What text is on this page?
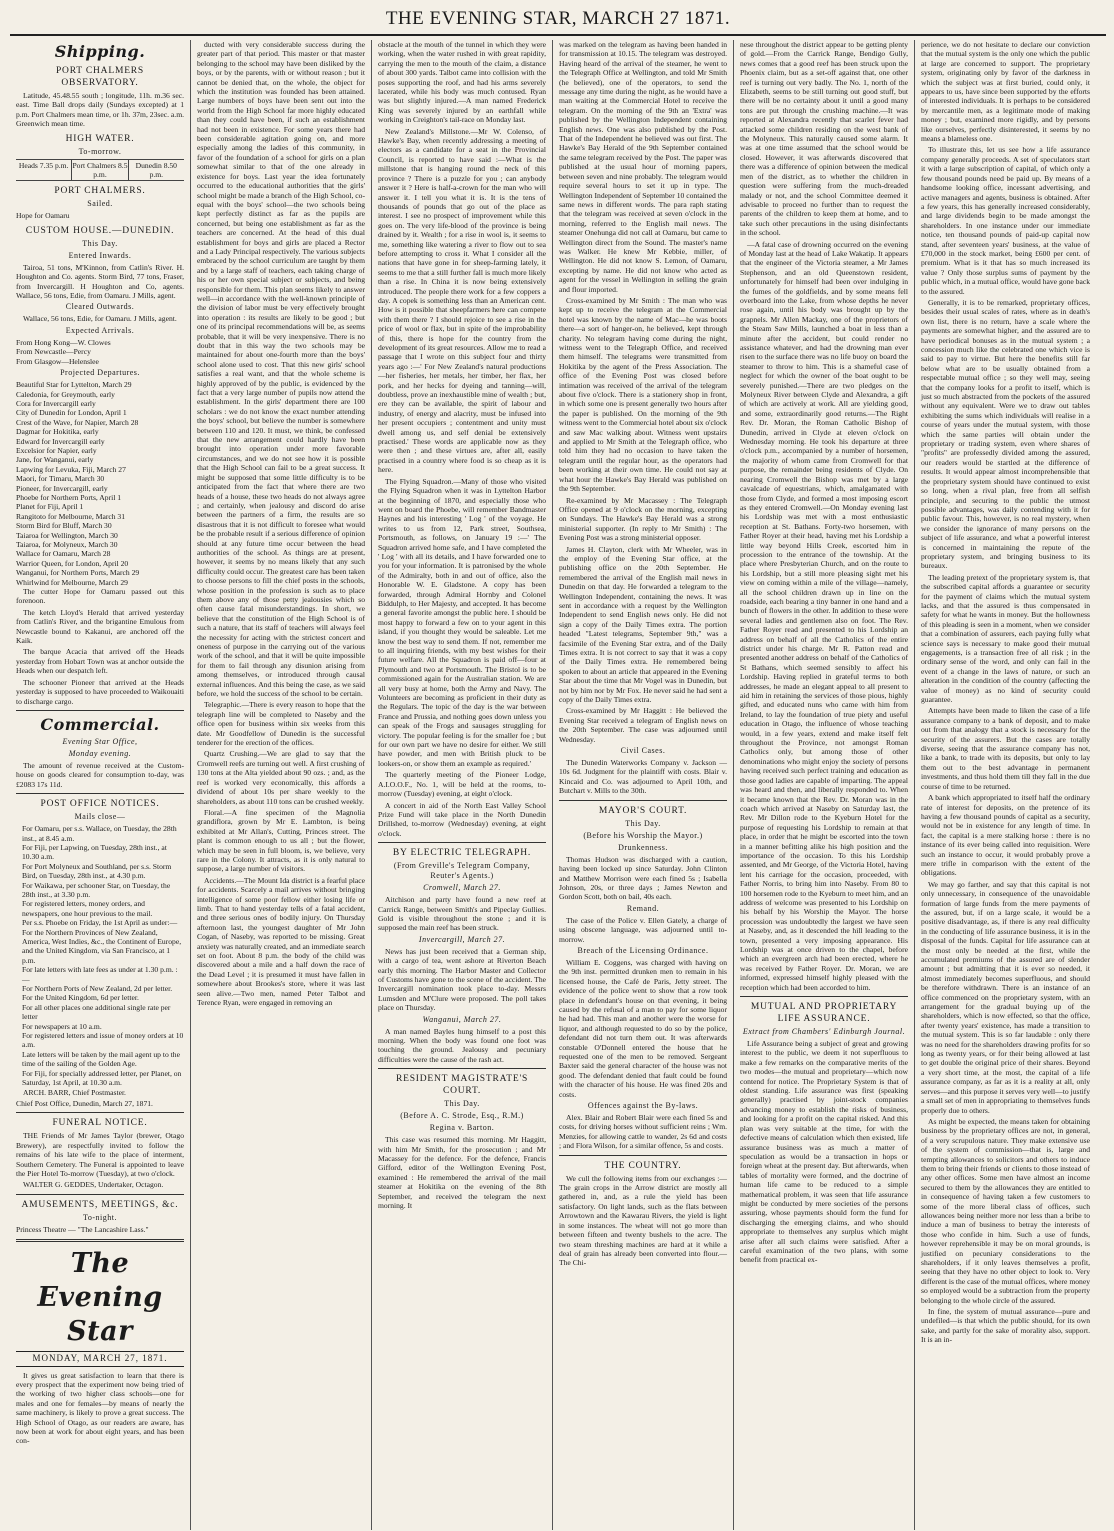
THE EVENING STAR, MARCH 27 1871.
Shipping.
PORT CHALMERS OBSERVATORY.

Latitude, 45.48.55 south ; longitude, 11h. m.36 sec. east. Time Ball drops daily (Sundays excepted) at 1 p.m. Port Chalmers mean time, or 1h. 37m, 23sec. a.m. Greenwich mean time.

HIGH WATER.
To-morrow.
Heads 7.35 p.m. Port Chalmers 8.5 p.m.
Dunedin 8.50 p.m.
PORT CHALMERS.
Sailed.

Hope for Oamaru

CUSTOM HOUSE.—DUNEDIN.
This Day.
Entered Inwards.

Tairoa, 51 tons, M'Kinnon, from Catlin's River. H. Houghton and Co. agents. Storm Bird, 77 tons, Fraser, from Invercargill. H Houghton and Co, agents. Wallace, 56 tons, Edie, from Oamaru. J Mills, agent.

Cleared Outwards.

Wallace, 56 tons, Edie, for Oamaru. J Mills, agent.

Expected Arrivals.
From Hong Kong—W. Clowes
From Newcastle—Percy
From Glasgow—Helenslee
Projected Departures.
Beautiful Star for Lyttelton, March 29
Caledonia, for Greymouth, early
Cora for Invercargill early
City of Dunedin for London, April 1
Crest of the Wave, for Napier, March 28
Dagmar for Hokitika, early
Edward for Invercargill early
Excelsior for Napier, early
Jane, for Wanganui, early
Lapwing for Levuka, Fiji, March 27
Maori, for Timaru, March 30
Pioneer, for Invercargill, early
Phoebe for Northern Ports, April 1
Planet for Fiji, April 1
Rangitoto for Melbourne, March 31
Storm Bird for Bluff, March 30
Taiaroa for Wellington, March 30
Taiaroa, for Molyneux, March 30
Wallace for Oamaru, March 28
Warrior Queen, for London, April 20
Wanganui, for Northern Ports, March 29
Whirlwind for Melbourne, March 29

The cutter Hope for Oamaru passed out this forenoon.

The ketch Lloyd's Herald that arrived yesterday from Catlin's River, and the brigantine Emulous from Newcastle bound to Kakanui, are anchored off the Kaik.

The barque Acacia that arrived off the Heads yesterday from Hobart Town was at anchor outside the Heads when our despatch left.

The schooner Pioneer that arrived at the Heads yesterday is supposed to have proceeded to Waikouaiti to discharge cargo.

Commercial.
Evening Star Office,
Monday evening.

The amount of revenue received at the Custom-house on goods cleared for consumption to-day, was £2083 17s 11d.

POST OFFICE NOTICES.
Mails close—
For Oamaru, per s.s. Wallace, on Tuesday, the 28th inst., at 8.45 a.m.
For Fiji, per Lapwing, on Tuesday, 28th inst., at 10.30 a.m.
For Port Molyneux and Southland, per s.s. Storm Bird, on Tuesday, 28th inst., at 4.30 p.m.
For Waikawa, per schooner Star, on Tuesday, the 28th inst., at 3.30 p.m.
For registered letters, money orders, and newspapers, one hour previous to the mail.
Per s.s. Phoebe on Friday, the 1st April as under:—
For the Northern Provinces of New Zealand, America, West Indies, &c., the Continent of Europe, and the United Kingdom, via San Francisco, at 1 p.m.
For late letters with late fees as under at 1.30 p.m. :—
For Northern Ports of New Zealand, 2d per letter.
For the United Kingdom, 6d per letter.
For all other places one additional single rate per letter
For newspapers at 10 a.m.
For registered letters and issue of money orders at 10 a.m.
Late letters will be taken by the mail agent up to the time of the sailing of the Golden Age.
For Fiji, for specially addressed letter, per Planet, on Saturday, 1st April, at 10.30 a.m.

ARCH. BARR, Chief Postmaster.

Chief Post Office, Dunedin, March 27, 1871.

FUNERAL NOTICE.

THE Friends of Mr James Taylor (brewer, Otago Brewery), are respectfully invited to follow the remains of his late wife to the place of interment, Southern Cemetery. The Funeral is appointed to leave the Pier Hotel To-morrow (Tuesday), at two o'clock.

WALTER G. GEDDES, Undertaker, Octagon.

AMUSEMENTS, MEETINGS, &c.
To-night.

Princess Theatre — "The Lancashire Lass."

The Evening Star
MONDAY, MARCH 27, 1871.

It gives us great satisfaction to learn that there is every prospect that the experiment now being tried of the working of two higher class schools—one for males and one for females—by means of nearly the same machinery, is likely to prove a great success. The High School of Otago, as our readers are aware, has now been at work for about eight years, and has been con-

ducted with very considerable success during the greater part of that period. This master or that master belonging to the school may have been disliked by the boys, or by the parents, with or without reason ; but it cannot be denied that, on the whole, the object for which the institution was founded has been attained. Large numbers of boys have been sent out into the world from the High School far more highly educated than they could have been, if such an establishment had not been in existence. For some years there had been considerable agitation going on, and more especially among the ladies of this community, in favor of the foundation of a school for girls on a plan somewhat similar to that of the one already in existence for boys. Last year the idea fortunately occurred to the educational authorities that the girls' school might be made a branch of the High School, co-equal with the boys' school—the two schools being kept perfectly distinct as far as the pupils are concerned, but being one establishment as far as the teachers are concerned. At the head of this dual establishment for boys and girls are placed a Rector and a Lady Principal respectively. The various subjects embraced by the school curriculum are taught by them and by a large staff of teachers, each taking charge of his or her own special subject or subjects, and being responsible for them. This plan seems likely to answer well—in accordance with the well-known principle of the division of labor must be very effectively brought into operation : its results are likely to be good ; but one of its principal recommendations will be, as seems probable, that it will be very inexpensive. There is no doubt that in this way the two schools may be maintained for about one-fourth more than the boys' school alone used to cost. That this new girls' school satisfies a real want, and that the whole scheme is highly approved of by the public, is evidenced by the fact that a very large number of pupils now attend the establishment. In the girls' department there are 100 scholars : we do not know the exact number attending the boys' school, but believe the number is somewhere between 110 and 120. It must, we think, be confessed that the new arrangement could hardly have been brought into operation under more favorable circumstances, and we do not see how it is possible that the High School can fail to be a great success. It might be supposed that some little difficulty is to be anticipated from the fact that where there are two heads of a house, these two heads do not always agree ; and certainly, when jealousy and discord do arise between the partners of a firm, the results are so disastrous that it is not difficult to foresee what would be the probable result if a serious difference of opinion should at any future time occur between the head authorities of the school. As things are at present, however, it seems by no means likely that any such difficulty could occur. The greatest care has been taken to choose persons to fill the chief posts in the schools, whose position in the profession is such as to place them above any of those petty jealousies which so often cause fatal misunderstandings. In short, we believe that the constitution of the High School is of such a nature, that its staff of teachers will always feel the necessity for acting with the strictest concert and oneness of purpose in the carrying out of the various work of the school, and that it will be quite impossible for them to fail through any disunion arising from among themselves, or introduced through causal external influences. And this being the case, as we said before, we hold the success of the school to be certain.

Telegraphic.—There is every reason to hope that the telegraph line will be completed to Naseby and the office open for business within six weeks from this date. Mr Goodfellow of Dunedin is the successful tenderer for the erection of the offices.

Quartz Crushing.—We are glad to say that the Cromwell reefs are turning out well. A first crushing of 130 tons at the Alta yielded about 90 ozs. ; and, as the reef is worked very economically, this affords a dividend of about 10s per share weekly to the shareholders, as about 110 tons can be crushed weekly.

Floral.—A fine specimen of the Magnolia grandiflora, grown by Mr E. Lambton, is being exhibited at Mr Allan's, Cutting, Princes street. The plant is common enough to us all ; but the flower, which may be seen in full bloom, is, we believe, very rare in the Colony. It attracts, as it is only natural to suppose, a large number of visitors.

Accidents.—The Mount Ida district is a fearful place for accidents. Scarcely a mail arrives without bringing intelligence of some poor fellow either losing life or limb. That to hand yesterday tells of a fatal accident, and three serious ones of bodily injury. On Thursday afternoon last, the youngest daughter of Mr John Cogan, of Naseby, was reported to be missing. Great anxiety was naturally created, and an immediate search set on foot. About 8 p.m. the body of the child was discovered about a mile and a half down the race of the Dead Level ; it is presumed it must have fallen in somewhere about Brookes's store, where it was last seen alive.—Two men, named Peter Talbot and Terence Ryan, were engaged in removing an

obstacle at the mouth of the tunnel in which they were working, when the water rushed in with great rapidity, carrying the men to the mouth of the claim, a distance of about 300 yards. Talbot came into collision with the poses supporting the roof, and had his arms severely lacerated, while his body was much contused. Ryan was but slightly injured.—A man named Frederick King was severely injured by an earthfall while working in Creighton's tail-race on Monday last.

New Zealand's Millstone.—Mr W. Colenso, of Hawke's Bay, when recently addressing a meeting of electors as a candidate for a seat in the Provincial Council, is reported to have said :—What is the millstone that is hanging round the neck of this province ? There is a puzzle for you ; can anybody answer it ? Here is half-a-crown for the man who will answer it. I tell you what it is. It is the tens of thousands of pounds that go out of the place as interest. I see no prospect of improvement while this goes on. The very life-blood of the province is being drained by it. Wealth ; for a rise in wool is, it seems to me, something like watering a river to flow out to sea before attempting to cross it. What I consider all the nations that have gone in for sheep-farming lately, it seems to me that a still further fall is much more likely than a rise. In China it is now being extensively introduced. The people there work for a few coppers a day. A copek is something less than an American cent. How is it possible that sheepfarmers here can compete with them there ? I should rejoice to see a rise in the price of wool or flax, but in spite of the improbability of this, there is hope for the country from the development of its great resources. Allow me to read a passage that I wrote on this subject four and thirty years ago :—' For New Zealand's natural productions—her fisheries, her metals, her timber, her flax, her pork, and her hecks for dyeing and tanning—will, doubtless, prove an inexhaustible mine of wealth ; but, ere they can be available, the spirit of labour and industry, of energy and alacrity, must be infused into her present occupiers ; contentment and unity must dwell among us, and self denial be extensively practised.' These words are applicable now as they were then ; and these virtues are, after all, easily practised in a country where food is so cheap as it is here.

The Flying Squadron.—Many of those who visited the Flying Squadron when it was in Lyttelton Harbor at the beginning of 1870, and especially those who went on board the Phoebe, will remember Bandmaster Haynes and his interesting ' Log ' of the voyage. He writes to us from 12, Park street, Southsea, Portsmouth, as follows, on January 19 :—' The Squadron arrived home safe, and I have completed the ' Log ' with all its details, and I have forwarded one to you for your information. It is patronised by the whole of the Admiralty, both in and out of office, also the Honorable W. E. Gladstone. A copy has been forwarded, through Admiral Hornby and Colonel Biddulph, to Her Majesty, and accepted. It has become a general favorite amongst the public here. I should be most happy to forward a few on to your agent in this island, if you thought they would be saleable. Let me know the best way to send them. If not, remember me to all inquiring friends, with my best wishes for their future welfare. All the Squadron is paid off—four at Plymouth and two at Portsmouth. The Bristol is to be commissioned again for the Australian station. We are all very busy at home, both the Army and Navy. The Volunteers are becoming as proficient in their duty as the Regulars. The topic of the day is the war between France and Prussia, and nothing goes down unless you can speak of the Frogs and sausages struggling for victory. The popular feeling is for the smaller foe ; but for our own part we have no desire for either. We still have powder, and men with British pluck to be lookers-on, or show them an example as required.'

The quarterly meeting of the Pioneer Lodge, A.I.O.O.F., No. 1, will be held at the rooms, to-morrow (Tuesday) evening, at eight o'clock.

A concert in aid of the North East Valley School Prize Fund will take place in the North Dunedin Drillshed, to-morrow (Wednesday) evening, at eight o'clock.

BY ELECTRIC TELEGRAPH.
(From Greville's Telegram Company, Reuter's Agents.)
Cromwell, March 27.

Aitchison and party have found a new reef at Carrick Range, between Smith's and Pipeclay Gullies. Gold is visible throughout the stone ; and it is supposed the main reef has been struck.

Invercargill, March 27.

News has just been received that a German ship, with a cargo of tea, went ashore at Riverton Beach early this morning. The Harbor Master and Collector of Customs have gone to the scene of the accident. The Invercargill nomination took place to-day. Messrs Lumsden and M'Clure were proposed. The poll takes place on Thursday.

Wanganui, March 27.

A man named Bayles hung himself to a post this morning. When the body was found one foot was touching the ground. Jealousy and pecuniary difficulties were the cause of the rash act.

RESIDENT MAGISTRATE'S COURT.
This Day.
(Before A. C. Strode, Esq., R.M.)
Regina v. Barton.

This case was resumed this morning. Mr Haggitt, with him Mr Smith, for the prosecution ; and Mr Macassey for the defence. For the defence, Francis Gifford, editor of the Wellington Evening Post, examined : He remembered the arrival of the mail steamer at Hokitika on the evening of the 8th September, and received the telegram the next morning. It

was marked on the telegram as having been handed in for transmission at 10.15. The telegram was destroyed. Having heard of the arrival of the steamer, he went to the Telegraph Office at Wellington, and told Mr Smith (he believed), one of the operators, to send the message any time during the night, as he would have a man waiting at the Commercial Hotel to receive the telegram. On the morning of the 9th an 'Extra' was published by the Wellington Independent containing English news. One was also published by the Post. That of the Independent he believed was out first. The Hawke's Bay Herald of the 9th September contained the same telegram received by the Post. The paper was published at the usual hour of morning papers, between seven and nine probably. The telegram would require several hours to set it up in type. The Wellington Independent of September 10 contained the same news in different words. The para raph stating that the telegram was received at seven o'clock in the morning, referred to the English mail news. The steamer Onehunga did not call at Oamaru, but came to Wellington direct from the Sound. The master's name was Walker. He knew Mr Kebbie, miller, of Wellington. He did not know S. Lemon, of Oamaru, excepting by name. He did not know who acted as agent for the vessel in Wellington in selling the grain and flour imported.

Cross-examined by Mr Smith : The man who was kept up to receive the telegram at the Commercial hotel was known by the name of Mac—he was boots there—a sort of hanger-on, he believed, kept through charity. No telegram having come during the night, witness went to the Telegraph Office, and received them himself. The telegrams were transmitted from Hokitika by the agent of the Press Association. The office of the Evening Post was closed before intimation was received of the arrival of the telegram about five o'clock. There is a stationery shop in front, in which some one is present generally two hours after the paper is published. On the morning of the 9th witness went to the Commercial hotel about six o'clock and saw Mac walking about. Witness went upstairs and applied to Mr Smith at the Telegraph office, who told him they had no occasion to have taken the telegram until the regular hour, as the operators had been working at their own time. He could not say at what hour the Hawke's Bay Herald was published on the 9th September.

Re-examined by Mr Macassey : The Telegraph Office opened at 9 o'clock on the morning, excepting on Sundays. The Hawke's Bay Herald was a strong ministerial supporter. (In reply to Mr Smith) : The Evening Post was a strong ministerial opposer.

James H. Clayton, clerk with Mr Wheeler, was in the employ of the Evening Star office, at the publishing office on the 20th September. He remembered the arrival of the English mail news in Dunedin on that day. He forwarded a telegram to the Wellington Independent, containing the news. It was sent in accordance with a request by the Wellington Independent to send English news only. He did not sign a copy of the Daily Times extra. The portion headed "Latest telegrams, September 9th," was a facsimile of the Evening Star extra, and of the Daily Times extra. It is not correct to say that it was a copy of the Daily Times extra. He remembered being spoken to about an article that appeared in the Evening Star about the time that Mr Vogel was in Dunedin, but not by him nor by Mr Fox. He never said he had sent a copy of the Daily Times extra.

Cross-examined by Mr Haggitt : He believed the Evening Star received a telegram of English news on the 20th September. The case was adjourned until Wednesday.

Civil Cases.

The Dunedin Waterworks Company v. Jackson — 10s 6d. Judgment for the plaintiff with costs. Blair v. Kincaid and Co. was adjourned to April 10th, and Butchart v. Mills to the 30th.

MAYOR'S COURT.
This Day.
(Before his Worship the Mayor.)
Drunkenness.

Thomas Hudson was discharged with a caution, having been locked up since Saturday. John Clinton and Matthew Morrison were each fined 5s ; Isabella Johnson, 20s, or three days ; James Newton and Gordon Scott, both on bail, 40s each.

Remand.

The case of the Police v. Ellen Gately, a charge of using obscene language, was adjourned until to-morrow.

Breach of the Licensing Ordinance.

William E. Coggens, was charged with having on the 9th inst. permitted drunken men to remain in his licensed house, the Café de Paris, Jetty street. The evidence of the police went to show that a row took place in defendant's house on that evening, it being caused by the refusal of a man to pay for some liquor he had had. This man and another were the worse for liquor, and although requested to do so by the police, defendant did not turn them out. It was afterwards constable O'Donnell entered the house that he requested one of the men to be removed. Sergeant Baxter said the general character of the house was not good. The defendant denied that fault could be found with the character of his house. He was fined 20s and costs.

Offences against the By-laws.

Alex. Blair and Robert Blair were each fined 5s and costs, for driving horses without sufficient reins ; Wm. Menzies, for allowing cattle to wander, 2s 6d and costs ; and Flora Wilson, for a similar offence, 5s and costs.

THE COUNTRY.

We cull the following items from our exchanges :— The grain crops in the Arrow district are mostly all gathered in, and, as a rule the yield has been satisfactory. On light lands, such as the flats between Arrowtown and the Kawarau Rivers, the yield is light in some instances. The wheat will not go more than between fifteen and twenty bushels to the acre. The two steam threshing machines are hard at it while a deal of grain has already been converted into flour.—The Chi-

nese throughout the district appear to be getting plenty of gold.—From the Carrick Range, Bendigo Gully, news comes that a good reef has been struck upon the Phoenix claim, but as a set-off against that, one other reef is turning out very badly. The No. 1, north of the Elizabeth, seems to be still turning out good stuff, but there will be no certainty about it until a good many tons are put through the crushing machine.—It was reported at Alexandra recently that scarlet fever had attacked some children residing on the west bank of the Molyneux. This naturally caused some alarm. It was at one time assumed that the school would be closed. However, it was afterwards discovered that there was a difference of opinion between the medical men of the district, as to whether the children in question were suffering from the much-dreaded malady or not, and the school Committee deemed it advisable to proceed no further than to request the parents of the children to keep them at home, and to take such other precautions in the using disinfectants in the school.

—A fatal case of drowning occurred on the evening of Monday last at the head of Lake Wakatip. It appears that the engineer of the Victoria steamer, a Mr James Stephenson, and an old Queenstown resident, unfortunately for himself had been over indulging in the fumes of the goldfields, and by some means fell overboard into the Lake, from whose depths he never rose again, until his body was brought up by the grapnels. Mr Allen Mackay, one of the proprietors of the Steam Saw Mills, launched a boat in less than a minute after the accident, but could render no assistance whatever, and had the drowning man ever risen to the surface there was no life buoy on board the steamer to throw to him. This is a shameful case of neglect for which the owner of the boat ought to be severely punished.—There are two pledges on the Molyneux River between Clyde and Alexandra, a gift of which are actively at work. All are yielding good, and some, extraordinarily good returns.—The Right Rev. Dr. Moran, the Roman Catholic Bishop of Dunedin, arrived in Clyde at eleven o'clock on Wednesday morning. He took his departure at three o'clock p.m., accompanied by a number of horsemen, the majority of whom came from Cromwell for that purpose, the remainder being residents of Clyde. On nearing Cromwell the Bishop was met by a large cavalcade of equestrians, which, amalgamated with those from Clyde, and formed a most imposing escort as they entered Cromwell.—On Monday evening last his Lordship was met with a most enthusiastic reception at St. Bathans. Forty-two horsemen, with Father Royer at their head, having met his Lordship a little way beyond Hills Creek, escorted him in procession to the entrance of the township. At the place where Presbyterian Church, and on the route to his Lordship, but a still more pleasing sight met his view on coming within a mile of the village—namely, all the school children drawn up in line on the roadside, each bearing a tiny banner in one hand and a bunch of flowers in the other. In addition to these were several ladies and gentlemen also on foot. The Rev. Father Royer read and presented to his Lordship an address on behalf of all the Catholics of the entire district under his charge. Mr R. Patton read and presented another address on behalf of the Catholics of St Bathans, which seemed sensibly to affect his Lordship. Having replied in grateful terms to both addresses, he made an elegant appeal to all present to aid him in retaining the services of those pious, highly gifted, and educated nuns who came with him from Ireland, to lay the foundation of true piety and useful education in Otago, the influence of whose teaching would, in a few years, extend and make itself felt throughout the Province, not amongst Roman Catholics only, but among those of other denominations who might enjoy the society of persons having received such perfect training and education as those good ladies are capable of imparting. The appeal was heard and then, and liberally responded to. When it became known that the Rev. Dr. Moran was in the coach which arrived at Naseby on Saturday last, the Rev. Mr Dillon rode to the Kyeburn Hotel for the purpose of requesting his Lordship to remain at that place, in order that he might be escorted into the town in a manner befitting alike his high position and the importance of the occasion. To this his Lordship assented, and Mr George, of the Victoria Hotel, having lent his carriage for the occasion, proceeded, with Father Norris, to bring him into Naseby. From 80 to 100 horsemen rode to the Kyeburn to meet him, and an address of welcome was presented to his Lordship on his behalf by his Worship the Mayor. The horse procession was undoubtedly the largest we have seen at Naseby, and, as it descended the hill leading to the town, presented a very imposing appearance. His Lordship was at once driven to the chapel, before which an evergreen arch had been erected, where he was received by Father Royer. Dr. Moran, we are informed, expressed himself highly pleased with the reception which had been accorded to him.

MUTUAL AND PROPRIETARY LIFE ASSURANCE.
Extract from Chambers' Edinburgh Journal.

Life Assurance being a subject of great and growing interest to the public, we deem it not superfluous to make a few remarks on the comparative merits of the two modes—the mutual and proprietary—which now contend for notice. The Proprietary System is that of oldest standing. Life assurance was first (speaking generally) practised by joint-stock companies advancing money to establish the risks of business, and looking for a profit on the capital risked. And this plan was very suitable at the time, for with the defective means of calculation which then existed, life assurance business was as much a matter of speculation as would be a transaction in hops or foreign wheat at the present day. But afterwards, when tables of mortality were formed, and the doctrine of human life came to be reduced to a simple mathematical problem, it was seen that life assurance might be conducted by mere societies of the persons assuring, whose payments should form the fund for discharging the emerging claims, and who should appropriate to themselves any surplus which might arise after all such claims were satisfied. After a careful examination of the two plans, with some benefit from practical ex-

perience, we do not hesitate to declare our conviction that the mutual system is the only one which the public at large are concerned to support. The proprietary system, originating only by favor of the darkness in which the subject was at first buried, could only, it appears to us, have since been supported by the efforts of interested individuals. It is perhaps to be considered by mercantile men, as a legitimate mode of making money ; but, examined more rigidly, and by persons like ourselves, perfectly disinterested, it seems by no means a blameless one.

To illustrate this, let us see how a life assurance company generally proceeds. A set of speculators start it with a large subscription of capital, of which only a few thousand pounds need be paid up. By means of a handsome looking office, incessant advertising, and active managers and agents, business is obtained. After a few years, this has generally increased considerably, and large dividends begin to be made amongst the shareholders. In one instance under our immediate notice, ten thousand pounds of paid-up capital now stand, after seventeen years' business, at the value of £70,000 in the stock market, being £600 per cent. of premium. What is it that has so much increased its value ? Only those surplus sums of payment by the public which, in a mutual office, would have gone back to the assured.

Generally, it is to be remarked, proprietary offices, besides their usual scales of rates, where as in death's own list, there is no return, have a scale where the payments are somewhat higher, and the assured are to have periodical bonuses as in the mutual system ; a concession much like the celebrated one which vice is said to pay to virtue. But here the benefits still far below what are to be usually obtained from a respectable mutual office ; so they well may, seeing that the company looks for a profit to itself, which is just so much abstracted from the pockets of the assured without any equivalent. Were we to draw out tables exhibiting the sums which individuals will realise in a course of years under the mutual system, with those which the same parties will obtain under the proprietary or trading system, even where shares of "profits" are professedly divided among the assured, our readers would be startled at the difference of results. It would appear almost incomprehensible that the proprietary system should have continued to exist so long, when a rival plan, free from all selfish principle, and securing to the public the utmost possible advantages, was daily contending with it for public favour. This, however, is no real mystery, when we consider the ignorance of many persons on the subject of life assurance, and what a powerful interest is concerned in maintaining the repute of the proprietary system, and bringing business to its bureaux.

The leading pretext of the proprietary system is, that the subscribed capital affords a guarantee or security for the payment of claims which the mutual system lacks, and that the assured is thus compensated in safety for what he wants in money. But the hollowness of this pleading is seen in a moment, when we consider that a combination of assurers, each paying fully what science says is necessary to make good their mutual engagements, is a transaction free of all risk ; in the ordinary sense of the word, and only can fail in the event of a change in the laws of nature, or such an alteration in the condition of the country (affecting the value of money) as no kind of security could guarantee.

Attempts have been made to liken the case of a life assurance company to a bank of deposit, and to make out from that analogy that a stock is necessary for the security of the assurers. But the cases are totally diverse, seeing that the assurance company has not, like a bank, to trade with its deposits, but only to lay them out to the best advantage in permanent investments, and thus hold them till they fall in the due course of time to be returned.

A bank which appropriated to itself half the ordinary rate of interest for deposits, on the pretence of its having a few thousand pounds of capital as a security, would not be in existence for any length of time. In fact, the capital is a mere stalking horse : there is no instance of its ever being called into requisition. Were such an instance to occur, it would probably prove a mere trifle in comparison with the extent of the obligations.

We may go farther, and say that this capital is not only unnecessary, in consequence of the unavoidable formation of large funds from the mere payments of the assured, but, if on a large scale, it would be a positive disadvantage, as, if there is any real difficulty in the conducting of life assurance business, it is in the disposal of the funds. Capital for life assurance can at the most only be needed at the first, while the accumulated premiums of the assured are of slender amount ; but admitting that it is ever so needed, it almost immediately becomes superfluous, and should be therefore withdrawn. There is an instance of an office commenced on the proprietary system, with an arrangement for the gradual buying up of the shareholders, which is now effected, so that the office, after twenty years' existence, has made a transition to the mutual system. This is so far laudable : only there was no need for the shareholders drawing profits for so long as twenty years, or for their being allowed at last to get double the original price of their shares. Beyond a very short time, at the most, the capital of a life assurance company, as far as it is a reality at all, only serves—and this purpose it serves very well—to justify a small set of men in appropriating to themselves funds properly due to others.

As might be expected, the means taken for obtaining business by the proprietary offices are not, in general, of a very scrupulous nature. They make extensive use of the system of commission—that is, large and tempting allowances to solicitors and others to induce them to bring their friends or clients to those instead of any other offices. Some men have almost an income secured to them by the allowances they are entitled to in consequence of having taken a few customers to some of the more liberal class of offices, such allowances being neither more nor less than a bribe to induce a man of business to betray the interests of those who confide in him. Such a use of funds, however reprehensible it may be on moral grounds, is justified on pecuniary considerations to the shareholders, if it only leaves themselves a profit, seeing that they have no other object to look to. Very different is the case of the mutual offices, where money so employed would be a subtraction from the property belonging to the whole circle of the assured.

In fine, the system of mutual assurance—pure and undefiled—is that which the public should, for its own sake, and partly for the sake of morality also, support. It is an in-
